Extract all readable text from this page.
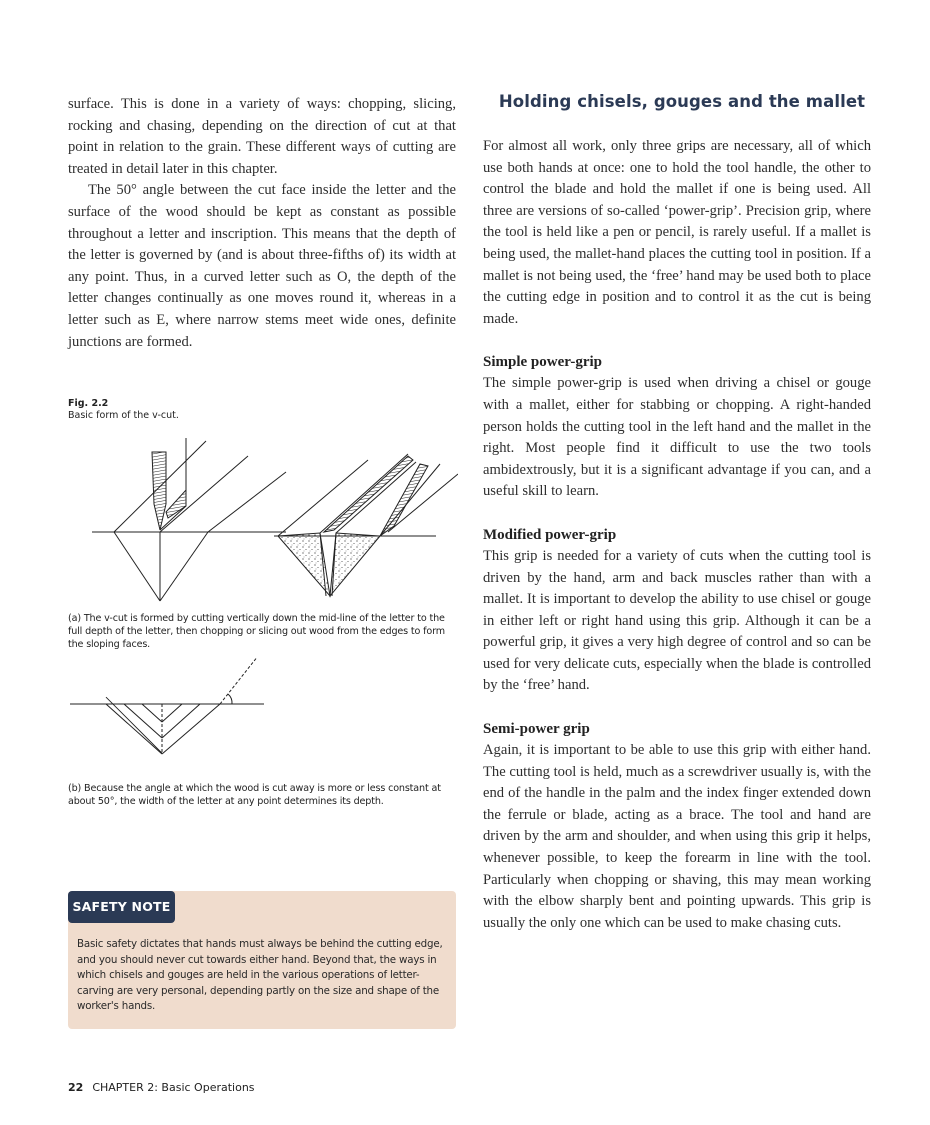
surface. This is done in a variety of ways: chopping, slicing, rocking and chasing, depending on the direction of cut at that point in relation to the grain. These different ways of cutting are treated in detail later in this chapter.

The 50° angle between the cut face inside the letter and the surface of the wood should be kept as constant as possible throughout a letter and inscription. This means that the depth of the letter is governed by (and is about three-fifths of) its width at any point. Thus, in a curved letter such as O, the depth of the letter changes continually as one moves round it, whereas in a letter such as E, where narrow stems meet wide ones, definite junctions are formed.

Fig. 2.2
Basic form of the v-cut.
(a) The v-cut is formed by cutting vertically down the mid-line of the letter to the full depth of the letter, then chopping or slicing out wood from the edges to form the sloping faces.
(b) Because the angle at which the wood is cut away is more or less constant at about 50°, the width of the letter at any point determines its depth.
SAFETY NOTE
Basic safety dictates that hands must always be behind the cutting edge, and you should never cut towards either hand. Beyond that, the ways in which chisels and gouges are held in the various operations of letter-carving are very personal, depending partly on the size and shape of the worker's hands.
Holding chisels, gouges and the mallet

For almost all work, only three grips are necessary, all of which use both hands at once: one to hold the tool handle, the other to control the blade and hold the mallet if one is being used. All three are versions of so-called ‘power-grip’. Precision grip, where the tool is held like a pen or pencil, is rarely useful. If a mallet is being used, the mallet-hand places the cutting tool in position. If a mallet is not being used, the ‘free’ hand may be used both to place the cutting edge in position and to control it as the cut is being made.

Simple power-grip

The simple power-grip is used when driving a chisel or gouge with a mallet, either for stabbing or chopping. A right-handed person holds the cutting tool in the left hand and the mallet in the right. Most people find it difficult to use the two tools ambidextrously, but it is a significant advantage if you can, and a useful skill to learn.

Modified power-grip

This grip is needed for a variety of cuts when the cutting tool is driven by the hand, arm and back muscles rather than with a mallet. It is important to develop the ability to use chisel or gouge in either left or right hand using this grip. Although it can be a powerful grip, it gives a very high degree of control and so can be used for very delicate cuts, especially when the blade is controlled by the ‘free’ hand.

Semi-power grip

Again, it is important to be able to use this grip with either hand. The cutting tool is held, much as a screwdriver usually is, with the end of the handle in the palm and the index finger extended down the ferrule or blade, acting as a brace. The tool and hand are driven by the arm and shoulder, and when using this grip it helps, whenever possible, to keep the forearm in line with the tool. Particularly when chopping or shaving, this may mean working with the elbow sharply bent and pointing upwards. This grip is usually the only one which can be used to make chasing cuts.

22 CHAPTER 2: Basic Operations
